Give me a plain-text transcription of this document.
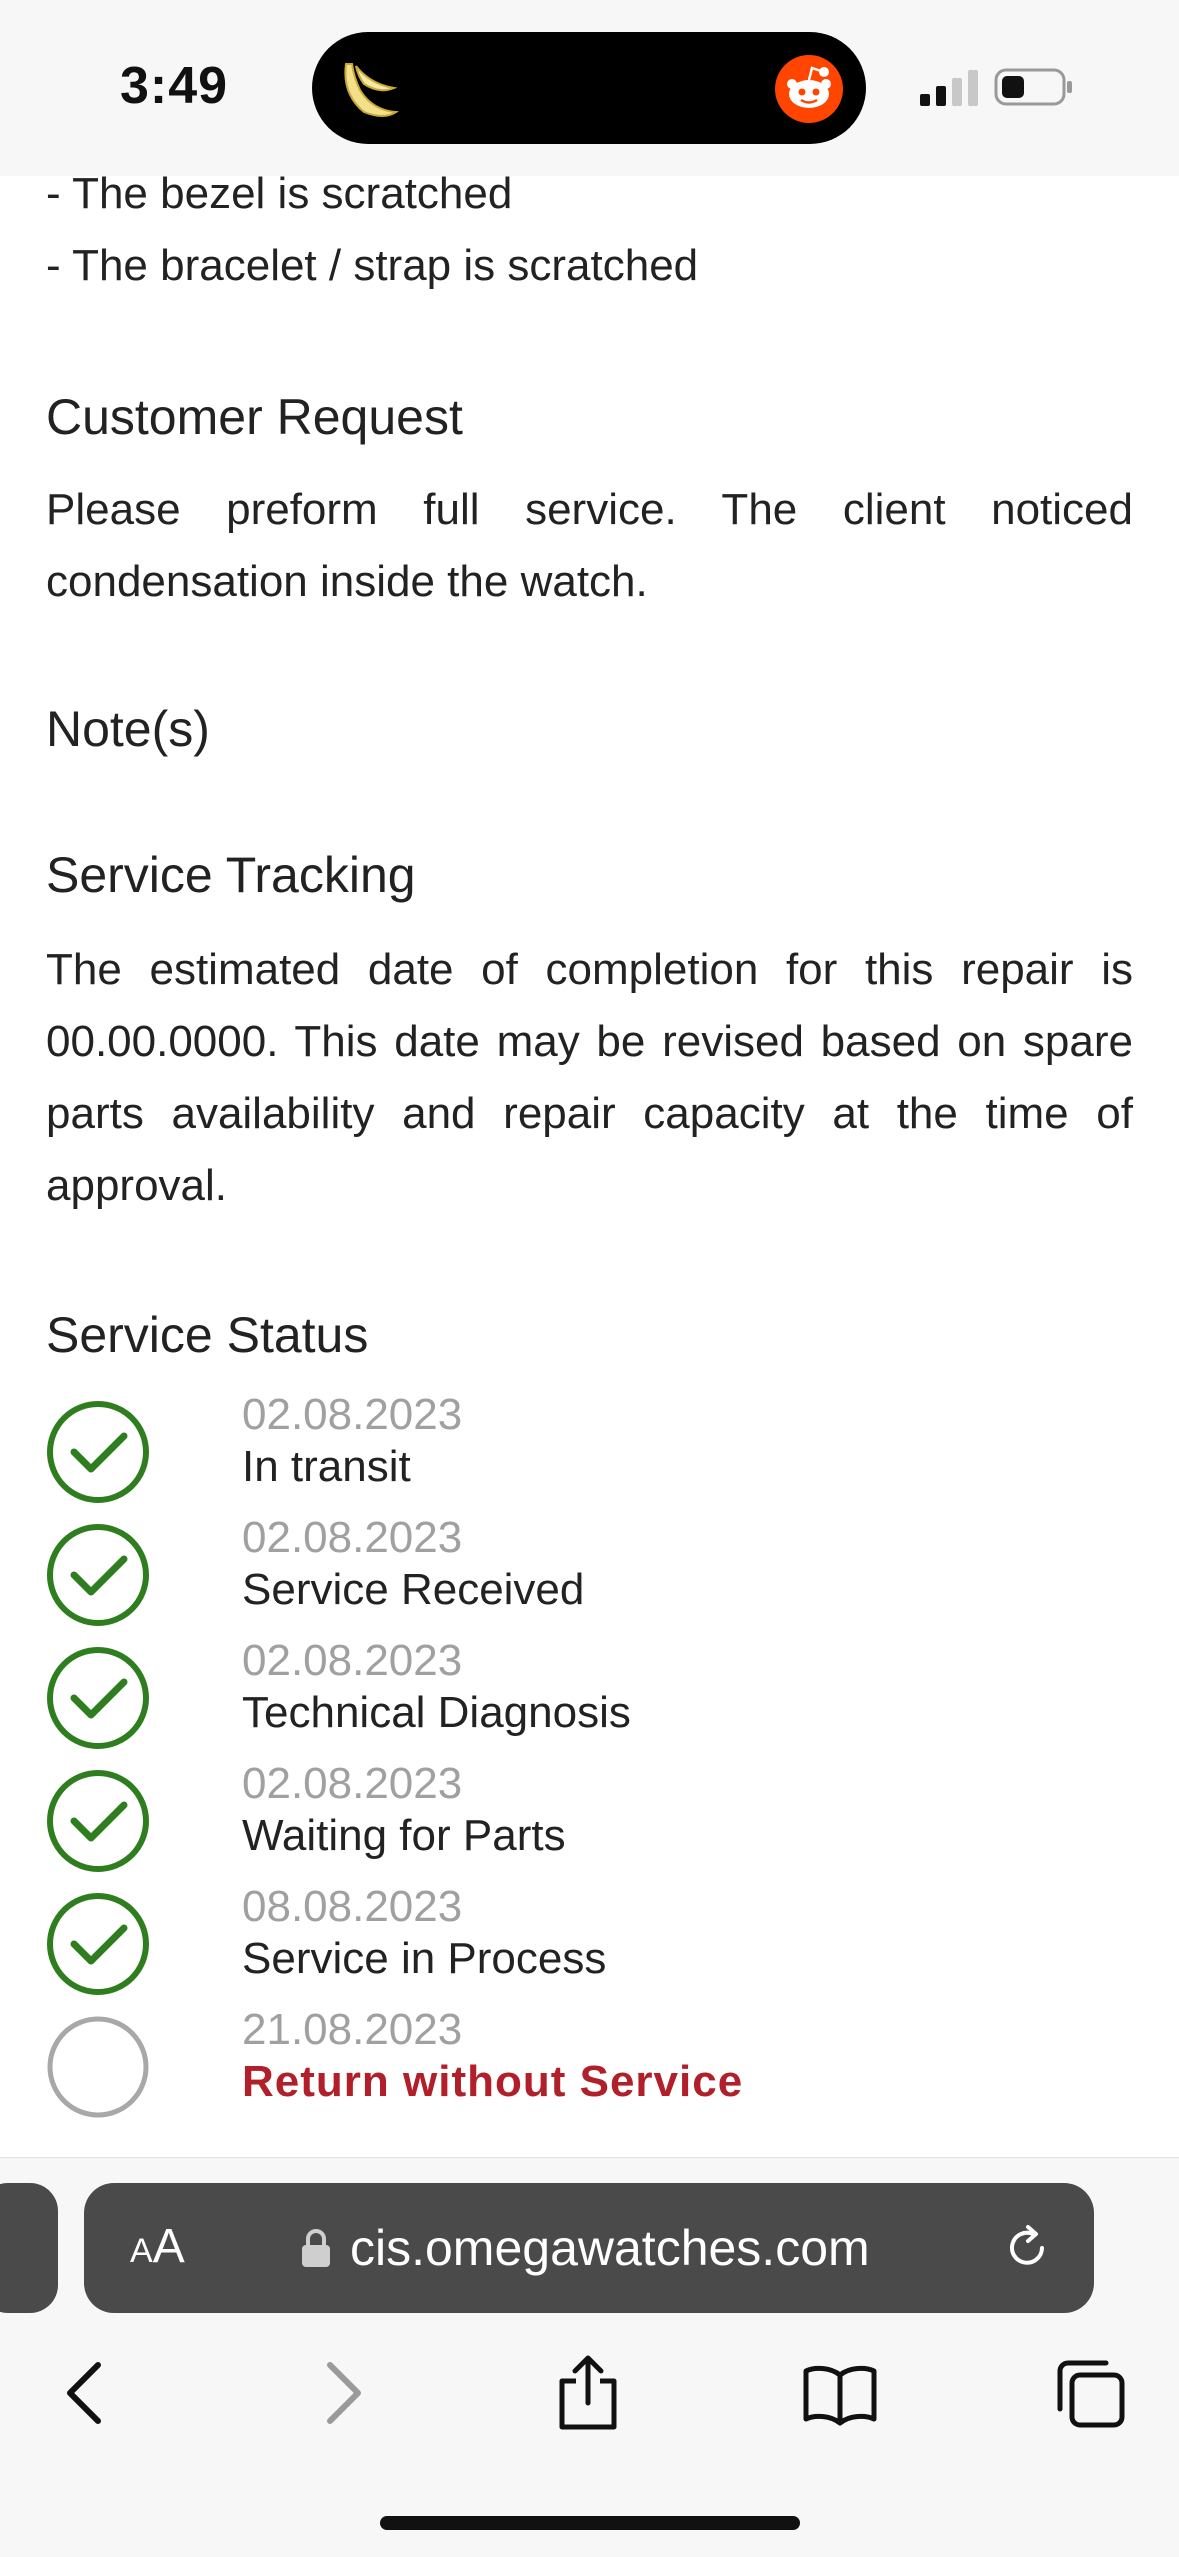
3:49

- The bezel is scratched

- The bracelet / strap is scratched

Customer Request

Please preform full service. The client noticed condensation inside the watch.

Note(s)

Service Tracking

The estimated date of completion for this repair is 00.00.0000. This date may be revised based on spare parts availability and repair capacity at the time of approval.

Service Status

02.08.2023
In transit
02.08.2023
Service Received
02.08.2023
Technical Diagnosis
02.08.2023
Waiting for Parts
08.08.2023
Service in Process
21.08.2023
Return without Service
AA	cis.omegawatches.com
